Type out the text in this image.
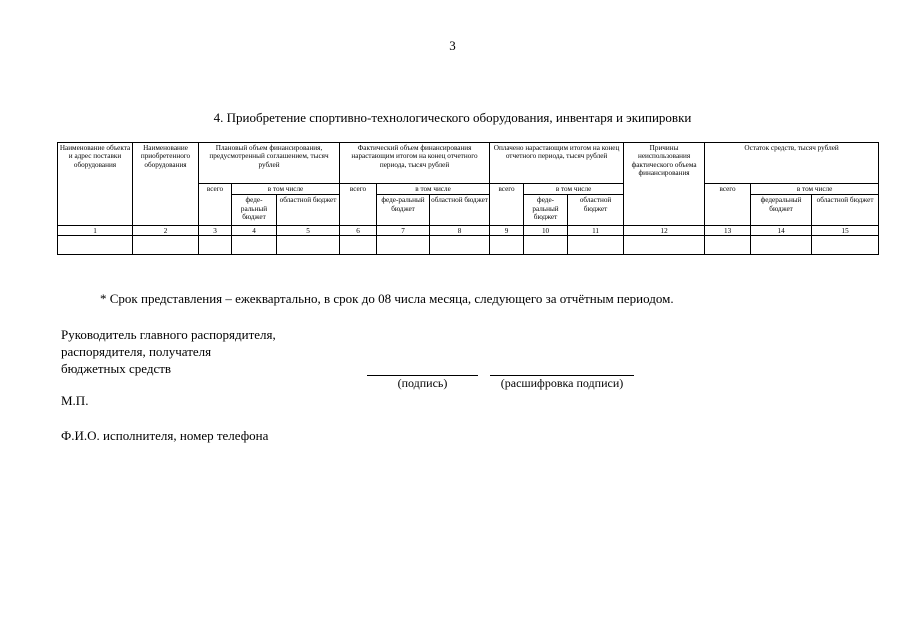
3
4. Приобретение спортивно-технологического оборудования, инвентаря и экипировки
Наименование объекта и адрес поставки оборудования	Наименование приобретенного оборудования	Плановый объем финансирования, предусмотренный соглашением, тысяч рублей			Фактический объем финансирования нарастающим итогом на конец отчетного периода, тысяч рублей			Оплачено нарастающим итогом на конец отчетного периода, тысяч рублей			Причины неиспользования фактического объема финансирования	Остаток средств, тысяч рублей		
		всего	в том числе		всего	в том числе		всего	в том числе			всего	в том числе	
			феде-ральный бюджет	областной бюджет		феде-ральный бюджет	областной бюджет		феде-ральный бюджет	областной бюджет			федеральный бюджет	областной бюджет
1	2	3	4	5	6	7	8	9	10	11	12	13	14	15

* Срок представления – ежеквартально, в срок до 08 числа месяца, следующего за отчётным периодом.
Руководитель главного распорядителя,
распорядителя, получателя
бюджетных средств
(подпись)	(расшифровка подписи)
М.П.
Ф.И.О. исполнителя, номер телефона
